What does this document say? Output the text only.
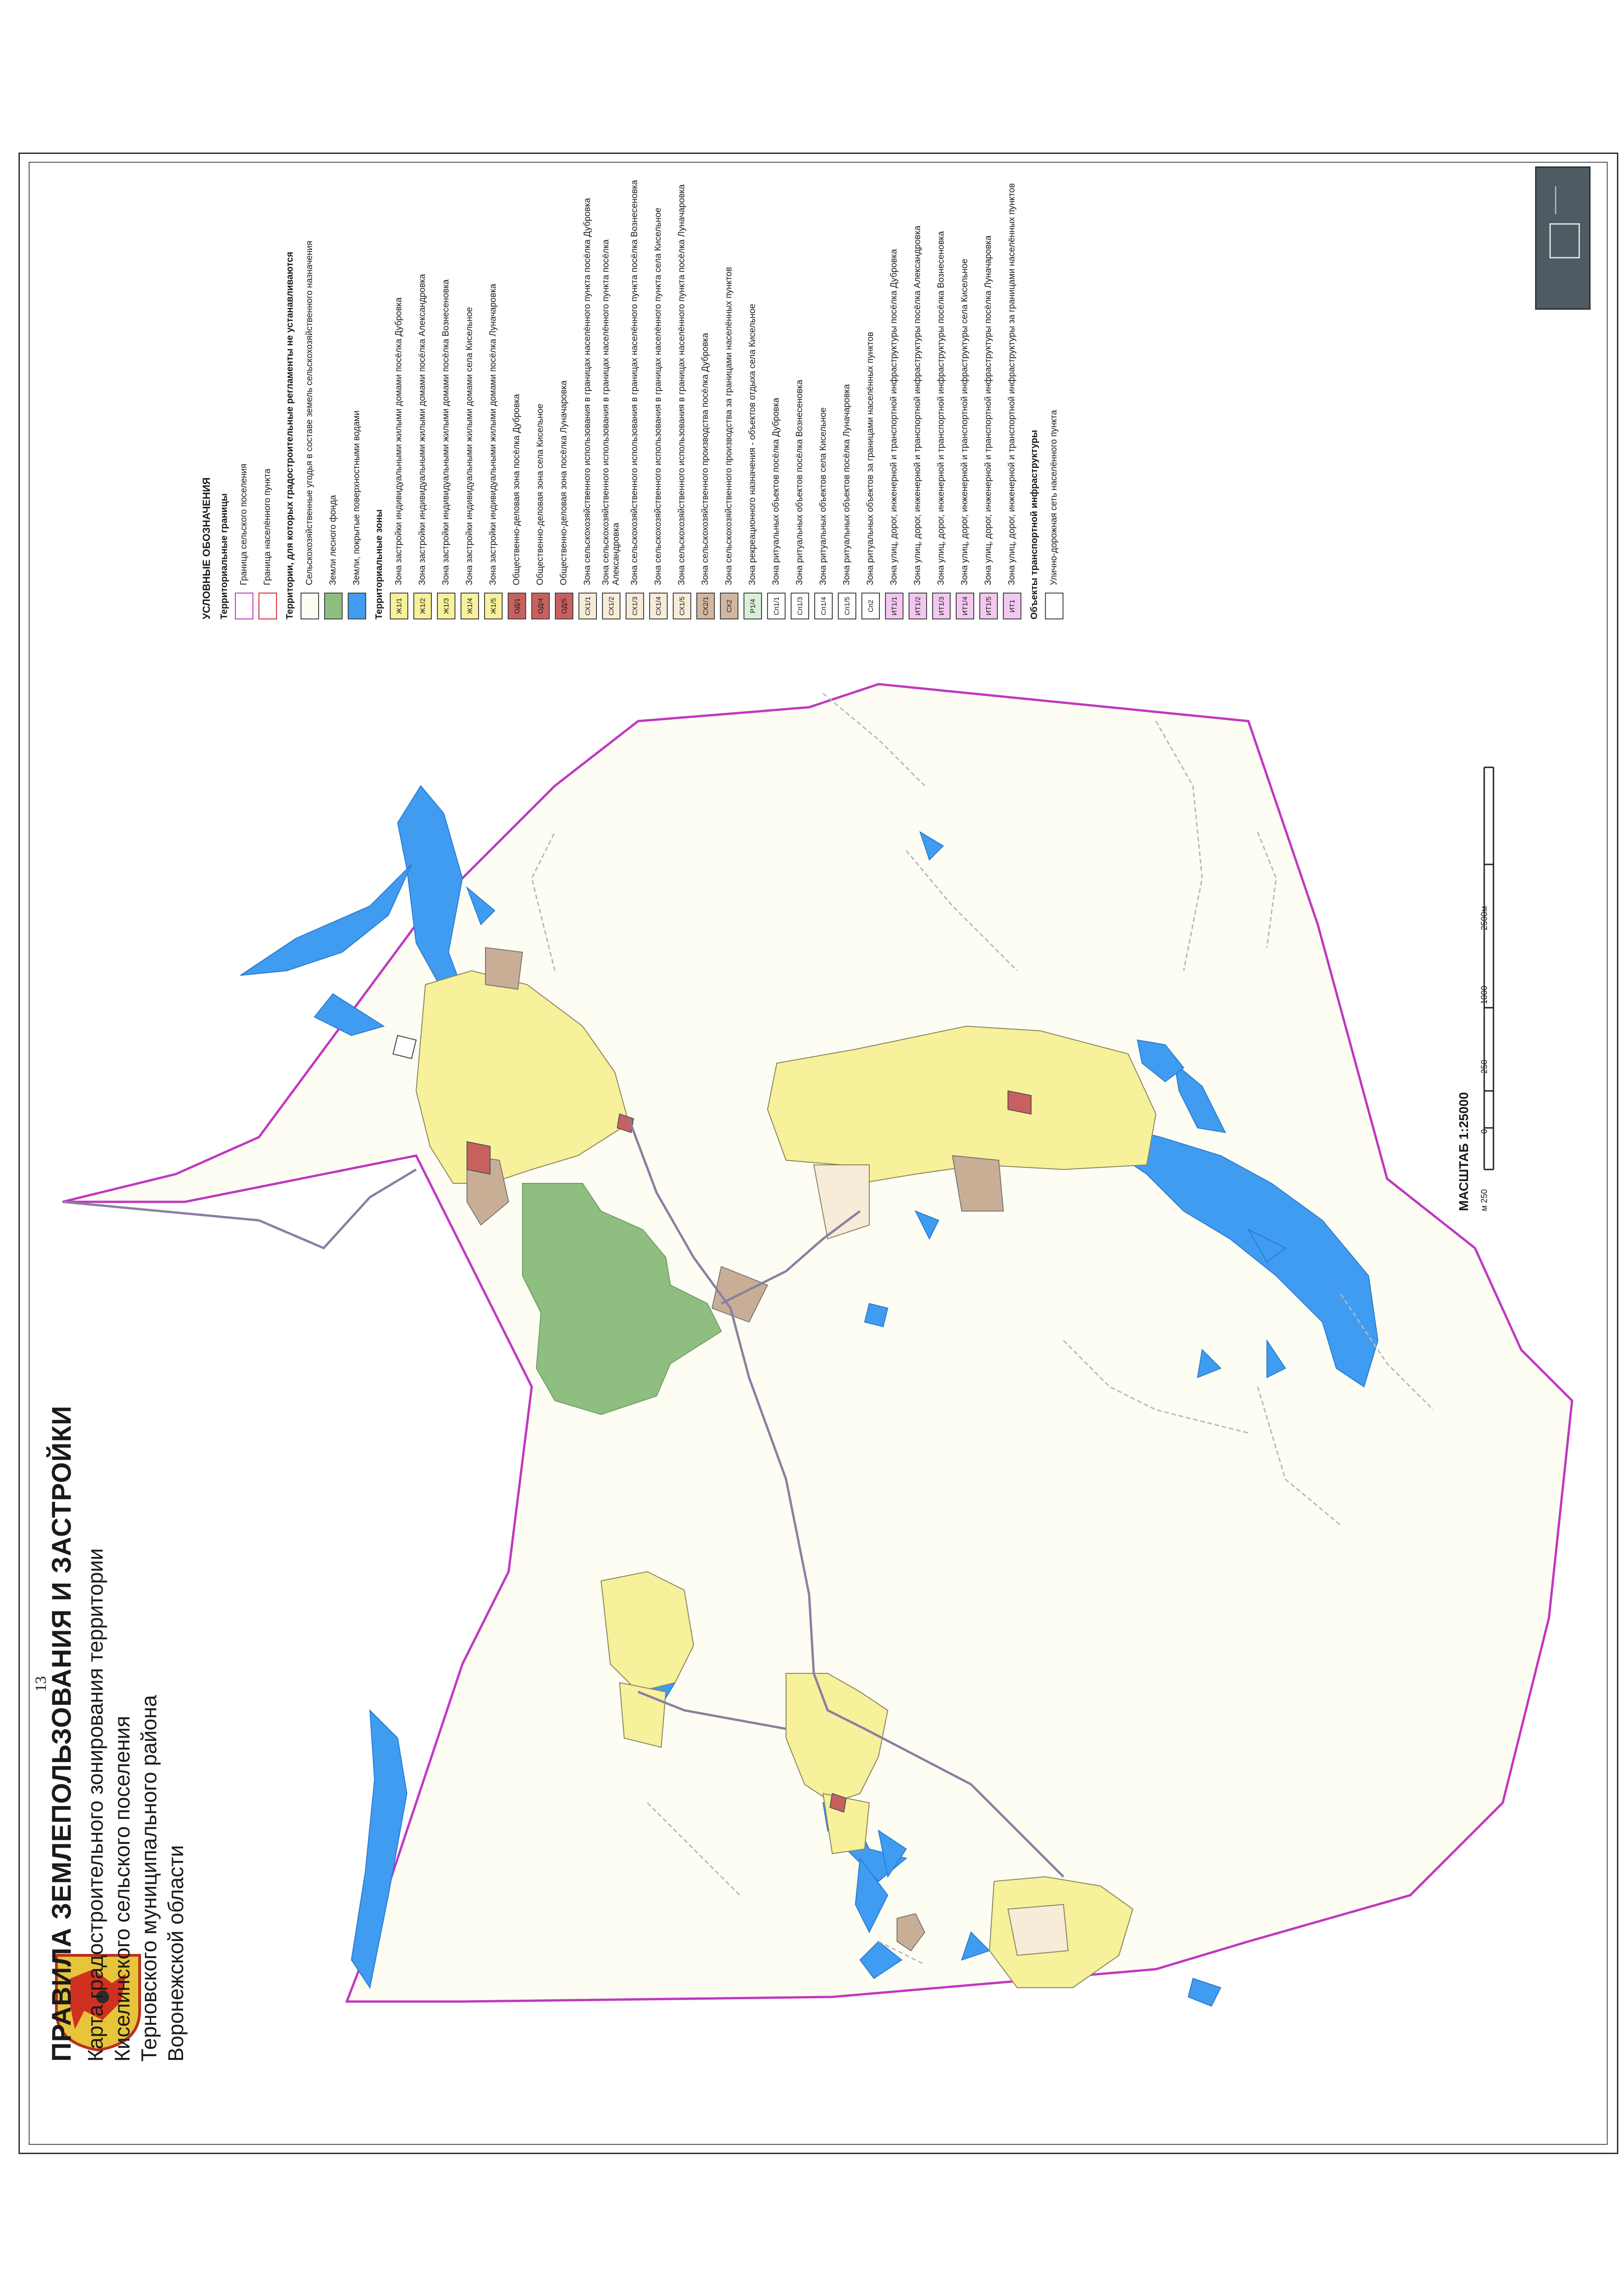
13
ПРАВИЛА ЗЕМЛЕПОЛЬЗОВАНИЯ И ЗАСТРОЙКИ Карта градостроительного зонирования территории Киселинского сельского поселения Терновского муниципального района Воронежской области
МАСШТАБ 1:25000 м 250
0
250
1000
2500м
УСЛОВНЫЕ ОБОЗНАЧЕНИЯ Территориальные границы Граница сельского поселения Граница населённого пункта Территории, для которых градостроительные регламенты не устанавливаются Сельскохозяйственные угодья в составе земель сельскохозяйственного назначения Земли лесного фонда Земли, покрытые поверхностными водами Территориальные зоны	Ж1/1
Зона застройки индивидуальными жилыми домами посёлка Дубровка
Ж1/2
Зона застройки индивидуальными жилыми домами посёлка Александровка
Ж1/3
Зона застройки индивидуальными жилыми домами посёлка Вознесеновка
Ж1/4
Зона застройки индивидуальными жилыми домами села Кисельное
Ж1/5
Зона застройки индивидуальными жилыми домами посёлка Луначаровка
ОД/1
Общественно-деловая зона посёлка Дубровка
ОД/4
Общественно-деловая зона села Кисельное
ОД/5
Общественно-деловая зона посёлка Луначаровка
СХ1/1
Зона сельскохозяйственного использования в границах населённого пункта посёлка Дубровка
СХ1/2
Зона сельскохозяйственного использования в границах населённого пункта посёлка Александровка
СХ1/3
Зона сельскохозяйственного использования в границах населённого пункта посёлка Вознесеновка
СХ1/4
Зона сельскохозяйственного использования в границах населённого пункта села Кисельное
СХ1/5
Зона сельскохозяйственного использования в границах населённого пункта посёлка Луначаровка
СХ2/1
Зона сельскохозяйственного производства посёлка Дубровка
СХ2
Зона сельскохозяйственного производства за границами населённых пунктов
Р1/4
Зона рекреационного назначения - объектов отдыха села Кисельное
Сп1/1
Зона ритуальных объектов посёлка Дубровка
Сп1/3
Зона ритуальных объектов посёлка Вознесеновка
Сп1/4
Зона ритуальных объектов села Кисельное
Сп1/5
Зона ритуальных объектов посёлка Луначаровка
Сп2
Зона ритуальных объектов за границами населённых пунктов
ИТ1/1
Зона улиц, дорог, инженерной и транспортной инфраструктуры посёлка Дубровка
ИТ1/2
Зона улиц, дорог, инженерной и транспортной инфраструктуры посёлка Александровка
ИТ1/3
Зона улиц, дорог, инженерной и транспортной инфраструктуры посёлка Вознесеновка
ИТ1/4
Зона улиц, дорог, инженерной и транспортной инфраструктуры села Кисельное
ИТ1/5
Зона улиц, дорог, инженерной и транспортной инфраструктуры посёлка Луначаровка
ИТ1
Зона улиц, дорог, инженерной и транспортной инфраструктуры за границами населённых пунктов Объекты транспортной инфраструктуры Улично-дорожная сеть населённого пункта
